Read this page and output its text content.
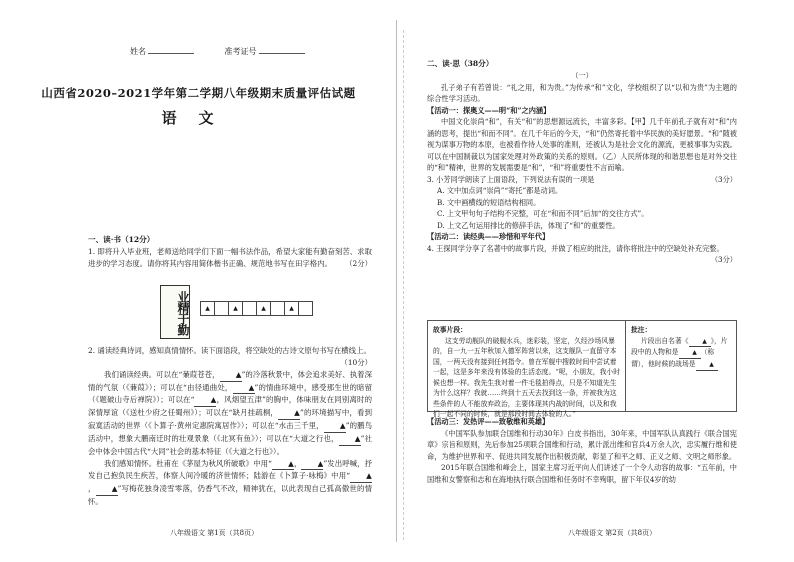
姓名	准考证号
山西省2020–2021学年第二学期八年级期末质量评估试题
语文
一、读·书（12分）
1. 即将升入毕业班，老师送给同学们下面一幅书法作品，希望大家能有勤奋刻苦、求取进步的学习态度。请你将其内容用简体楷书正确、规范地书写在田字格内。 （2分）
业精于勤	▲	▲	▲	▲
2. 诵读经典诗词，感知真情情怀。读下面语段，将空缺处的古诗文原句书写在横线上。
（10分）
我们诵读经典。可以在“蒹葭苍苍， ▲”的冷落秋景中，体会追求美好、执着深情的气氛（《蒹葭》）；可以在“由径通曲处， ▲”的情曲环境中，感受那生世的暗留（《题破山寺后禅院》）；可以在“ ▲，风烟望五津”的胸中，体味朋友在同别离时的深情厚谊（《送杜少府之任蜀州》）；可以在“缺月挂疏桐， ▲”的环境描写中，看到寂寞活动的世界（《卜算子·黄州定惠院寓居作》）；可以在“水击三千里， ▲”的鹏鸟活动中，想象大鹏南迁时的壮观景象（《北冥有鱼》）；可以在“大道之行也， ▲”社会中体会中国古代“大同”社会的基本特征（《大道之行也》）。
我们感知情怀。杜甫在《茅屋为秋风所破歌》中用“ ▲， ▲”发出呼喊，抒发自己抱负民生疾苦，体察人间冷暖的济世情怀；陆游在《卜算子·咏梅》中用“ ▲， ▲”写梅花独身凌雪零落，仍香气不改，精神犹在，以此表现自己孤高傲世的情怀。
八年级语文 第1页（共8页）
二、读·思（38分）
（一）
孔子弟子有若曾说：“礼之用，和为贵。”为传承“和”文化，学校组织了以“以和为贵”为主题的综合性学习活动。
【活动一：探奥义——明“和”之内涵】
中国文化崇尚“和”，有关“和”的思想源远流长，丰富多彩。【甲】几千年前孔子就有对“和”内涵的思考，提出“和而不同”。在几千年后的今天，“和”仍然寄托着中华民族的美好愿景。“和”随被视为谋事万物的本原，也被看作待人处事的准则，还被认为是社会文化的源流，更被事事为实践。可以在中国制裁以为国家处理对外政策的关系的原则。（乙）人民所体现的和谐思想也是对外交往的“和”精神，世界的发展需要是“和”，“和”将重要性不言而喻。
3. 小芳同学朗读了上面语段，下列说法有误的一项是	（3分）
A. 文中加点词“崇尚”“寄托”都是动词。
B. 文中画横线的短语结构相同。
C. 上文甲句句子结构不完整，可在“和而不同”后加“的交往方式”。
D. 上文乙句运用排比的修辞手法，体现了“和”的重要性。
【活动二：读经典——珍惜和平年代】
4. 王探同学分享了名著中的故事片段，并做了相应的批注，请你将批注中的空缺处补充完整。
（3分）
故事片段：
这支劳动舰队的破舰水兵，迷彩装，坚定，久经沙场风暴的，自一九一五年秋加入德军阵营以来，这支舰队一直留守本国，一两天没有接到任何指令。曾在军舰中搜救时间中尝试着一起，这是多年来没有体验的生活态度。“呢，小朋友，我小时候也想一样。我先生我对着一件毛毯拍得点，只是不知道先生为什么这样？我就……终到十五天去找到这一条，并被我为这些条件的人不能放弃政治，主要体现其内战的时间，以及和我们一起不同的时候，就是那段时间去体验的人。”
批注：
片段出自名著《 ▲ 》，片段中的人物和是 ▲ （称谓），他时候的战场是 ▲
【活动三：发热评——致敬维和英雄】
《中国军队参加联合国维和行动30年》白皮书指出，30年来，中国军队认真践行《联合国宪章》宗旨和原则，先后参加25项联合国维和行动，累计派出维和官兵4万余人次，忠实履行维和使命，为维护世界和平、促进共同发展作出积极贡献，彰显了和平之师、正义之师、文明之师形象。
2015年联合国维和峰会上，国家主席习近平向人们讲述了一个令人动容的故事：“五年前，中国维和女警察和志和在海地执行联合国维和任务时不幸殉职，留下年仅4岁的幼
八年级语文 第2页（共8页）
